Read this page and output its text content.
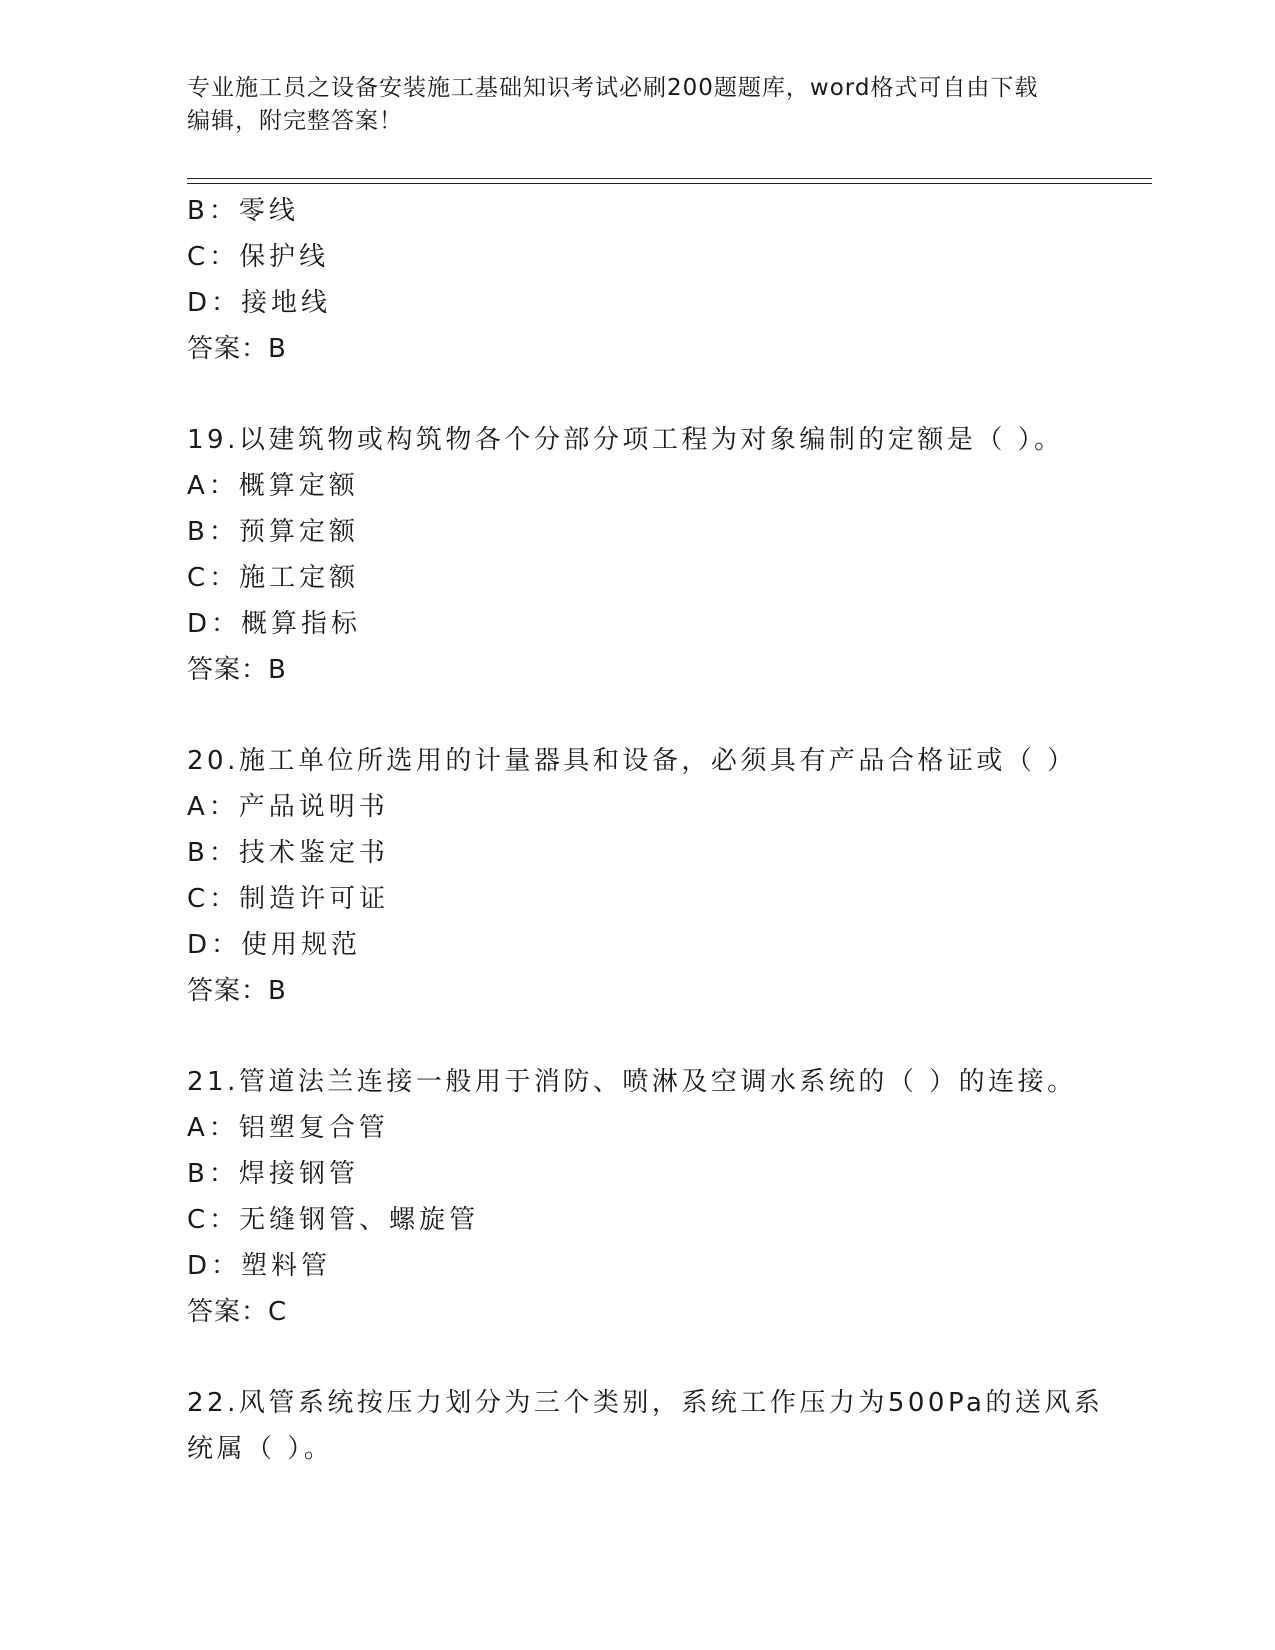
专业施工员之设备安装施工基础知识考试必刷200题题库，word格式可自由下载
编辑，附完整答案！
B：零线
C：保护线
D：接地线
答案：B
19.以建筑物或构筑物各个分部分项工程为对象编制的定额是（ ）。
A：概算定额
B：预算定额
C：施工定额
D：概算指标
答案：B
20.施工单位所选用的计量器具和设备，必须具有产品合格证或（ ）
A：产品说明书
B：技术鉴定书
C：制造许可证
D：使用规范
答案：B
21.管道法兰连接一般用于消防、喷淋及空调水系统的（ ）的连接。
A：铝塑复合管
B：焊接钢管
C：无缝钢管、螺旋管
D：塑料管
答案：C
22.风管系统按压力划分为三个类别，系统工作压力为500Pa的送风系
统属（ ）。
